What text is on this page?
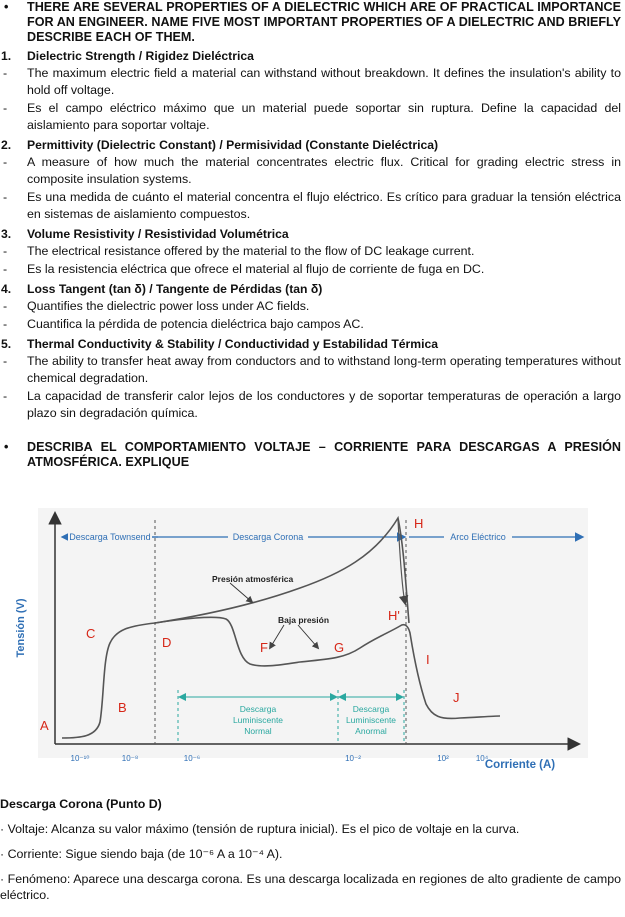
• THERE ARE SEVERAL PROPERTIES OF A DIELECTRIC WHICH ARE OF PRACTICAL IMPORTANCE FOR AN ENGINEER. NAME FIVE MOST IMPORTANT PROPERTIES OF A DIELECTRIC AND BRIEFLY DESCRIBE EACH OF THEM.
1. Dielectric Strength / Rigidez Dieléctrica
- The maximum electric field a material can withstand without breakdown. It defines the insulation's ability to hold off voltage.
- Es el campo eléctrico máximo que un material puede soportar sin ruptura. Define la capacidad del aislamiento para soportar voltaje.
2. Permittivity (Dielectric Constant) / Permisividad (Constante Dieléctrica)
- A measure of how much the material concentrates electric flux. Critical for grading electric stress in composite insulation systems.
- Es una medida de cuánto el material concentra el flujo eléctrico. Es crítico para graduar la tensión eléctrica en sistemas de aislamiento compuestos.
3. Volume Resistivity / Resistividad Volumétrica
- The electrical resistance offered by the material to the flow of DC leakage current.
- Es la resistencia eléctrica que ofrece el material al flujo de corriente de fuga en DC.
4. Loss Tangent (tan δ) / Tangente de Pérdidas (tan δ)
- Quantifies the dielectric power loss under AC fields.
- Cuantifica la pérdida de potencia dieléctrica bajo campos AC.
5. Thermal Conductivity & Stability / Conductividad y Estabilidad Térmica
- The ability to transfer heat away from conductors and to withstand long-term operating temperatures without chemical degradation.
- La capacidad de transferir calor lejos de los conductores y de soportar temperaturas de operación a largo plazo sin degradación química.
• DESCRIBA EL COMPORTAMIENTO VOLTAJE – CORRIENTE PARA DESCARGAS A PRESIÓN ATMOSFÉRICA. EXPLIQUE
Tensión (V)
Corriente (A)
10⁻¹⁰	10⁻⁸	10⁻⁶	10⁻²	10²	10⁴
Descarga Townsend	Descarga Corona	Arco Eléctrico
Descarga
Luminiscente
Normal
Descarga
Luminiscente
Anormal
Presión atmosférica
Baja presión
A
B
C
D	F	G
H
H'
I
J
Descarga Corona (Punto D)
· Voltaje: Alcanza su valor máximo (tensión de ruptura inicial). Es el pico de voltaje en la curva.
· Corriente: Sigue siendo baja (de 10⁻⁶ A a 10⁻⁴ A).
· Fenómeno: Aparece una descarga corona. Es una descarga localizada en regiones de alto gradiente de campo eléctrico.
